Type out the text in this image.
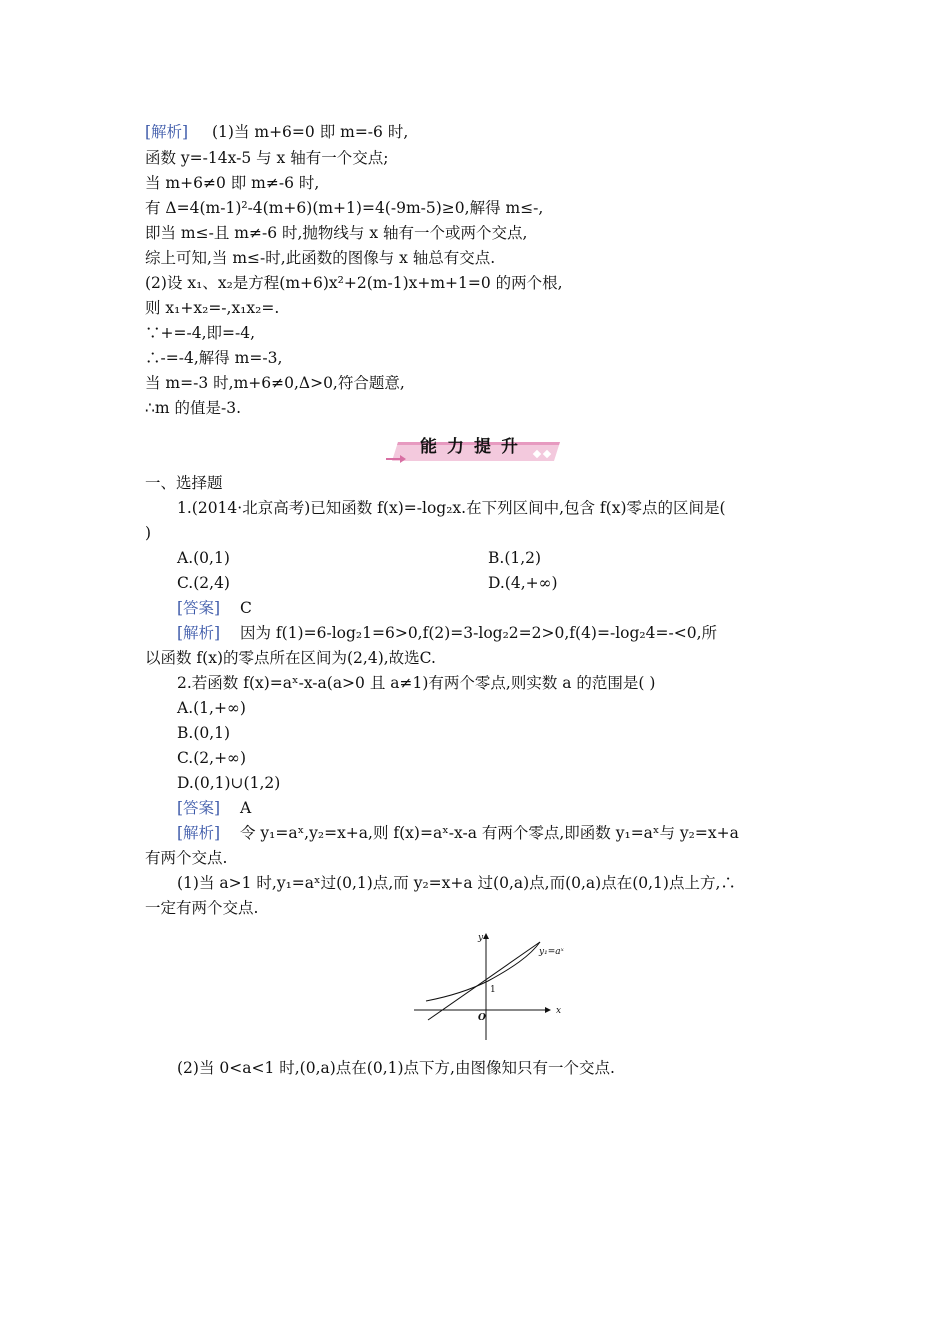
[解析] (1)当 m+6=0 即 m=-6 时,
函数 y=-14x-5 与 x 轴有一个交点;
当 m+6≠0 即 m≠-6 时,
有 Δ=4(m-1)²-4(m+6)(m+1)=4(-9m-5)≥0,解得 m≤-,
即当 m≤-且 m≠-6 时,抛物线与 x 轴有一个或两个交点,
综上可知,当 m≤-时,此函数的图像与 x 轴总有交点.
(2)设 x₁、x₂是方程(m+6)x²+2(m-1)x+m+1=0 的两个根,
则 x₁+x₂=-,x₁x₂=.
∵+=-4,即=-4,
∴-=-4,解得 m=-3,
当 m=-3 时,m+6≠0,Δ>0,符合题意,
∴m 的值是-3.
能力提升
一、选择题
1.(2014·北京高考)已知函数 f(x)=-log₂x.在下列区间中,包含 f(x)零点的区间是(
)
A.(0,1)	B.(1,2)
C.(2,4)	D.(4,+∞)
[答案] C
[解析] 因为 f(1)=6-log₂1=6>0,f(2)=3-log₂2=2>0,f(4)=-log₂4=-<0,所
以函数 f(x)的零点所在区间为(2,4),故选C.
2.若函数 f(x)=aˣ-x-a(a>0 且 a≠1)有两个零点,则实数 a 的范围是( )
A.(1,+∞)
B.(0,1)
C.(2,+∞)
D.(0,1)∪(1,2)
[答案] A
[解析] 令 y₁=aˣ,y₂=x+a,则 f(x)=aˣ-x-a 有两个零点,即函数 y₁=aˣ与 y₂=x+a
有两个交点.
(1)当 a>1 时,y₁=aˣ过(0,1)点,而 y₂=x+a 过(0,a)点,而(0,a)点在(0,1)点上方,∴
一定有两个交点.
y
x
O
1
y₁=aˣ
(2)当 0<a<1 时,(0,a)点在(0,1)点下方,由图像知只有一个交点.
